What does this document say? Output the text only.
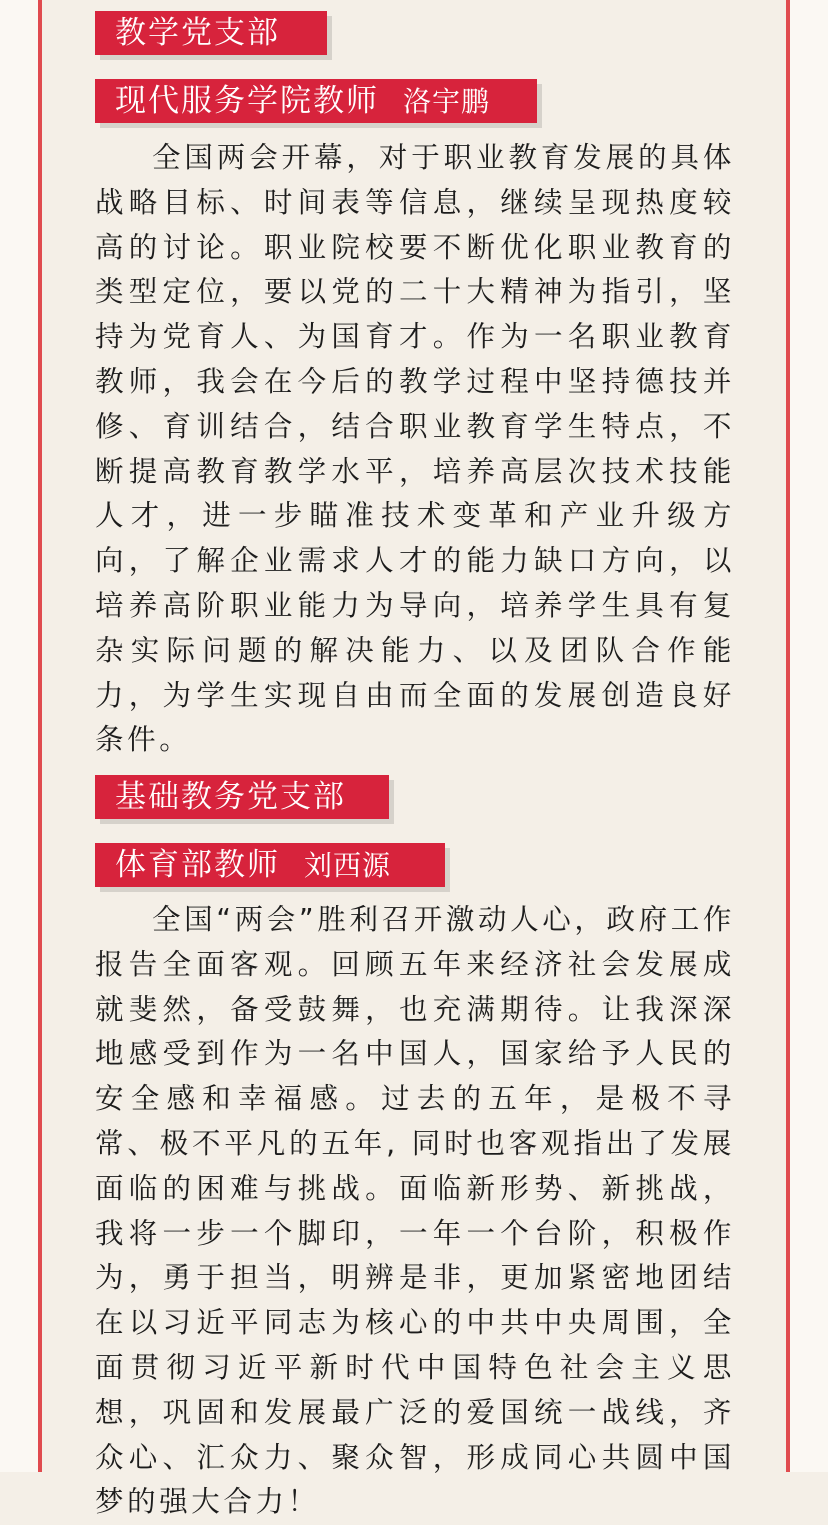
教学党支部
现代服务学院教师 洛宇鹏

全国两会开幕，对于职业教育发展的具体战略目标、时间表等信息，继续呈现热度较高的讨论。职业院校要不断优化职业教育的类型定位，要以党的二十大精神为指引，坚持为党育人、为国育才。作为一名职业教育教师，我会在今后的教学过程中坚持德技并修、育训结合，结合职业教育学生特点，不断提高教育教学水平，培养高层次技术技能人才，进一步瞄准技术变革和产业升级方向，了解企业需求人才的能力缺口方向，以培养高阶职业能力为导向，培养学生具有复杂实际问题的解决能力、以及团队合作能力，为学生实现自由而全面的发展创造良好条件。

基础教务党支部
体育部教师 刘西源

全国“两会”胜利召开激动人心，政府工作报告全面客观。回顾五年来经济社会发展成就斐然，备受鼓舞，也充满期待。让我深深地感受到作为一名中国人，国家给予人民的安全感和幸福感。过去的五年，是极不寻常、极不平凡的五年, 同时也客观指出了发展面临的困难与挑战。面临新形势、新挑战，我将一步一个脚印，一年一个台阶，积极作为，勇于担当，明辨是非，更加紧密地团结在以习近平同志为核心的中共中央周围，全面贯彻习近平新时代中国特色社会主义思想，巩固和发展最广泛的爱国统一战线，齐众心、汇众力、聚众智，形成同心共圆中国梦的强大合力！
